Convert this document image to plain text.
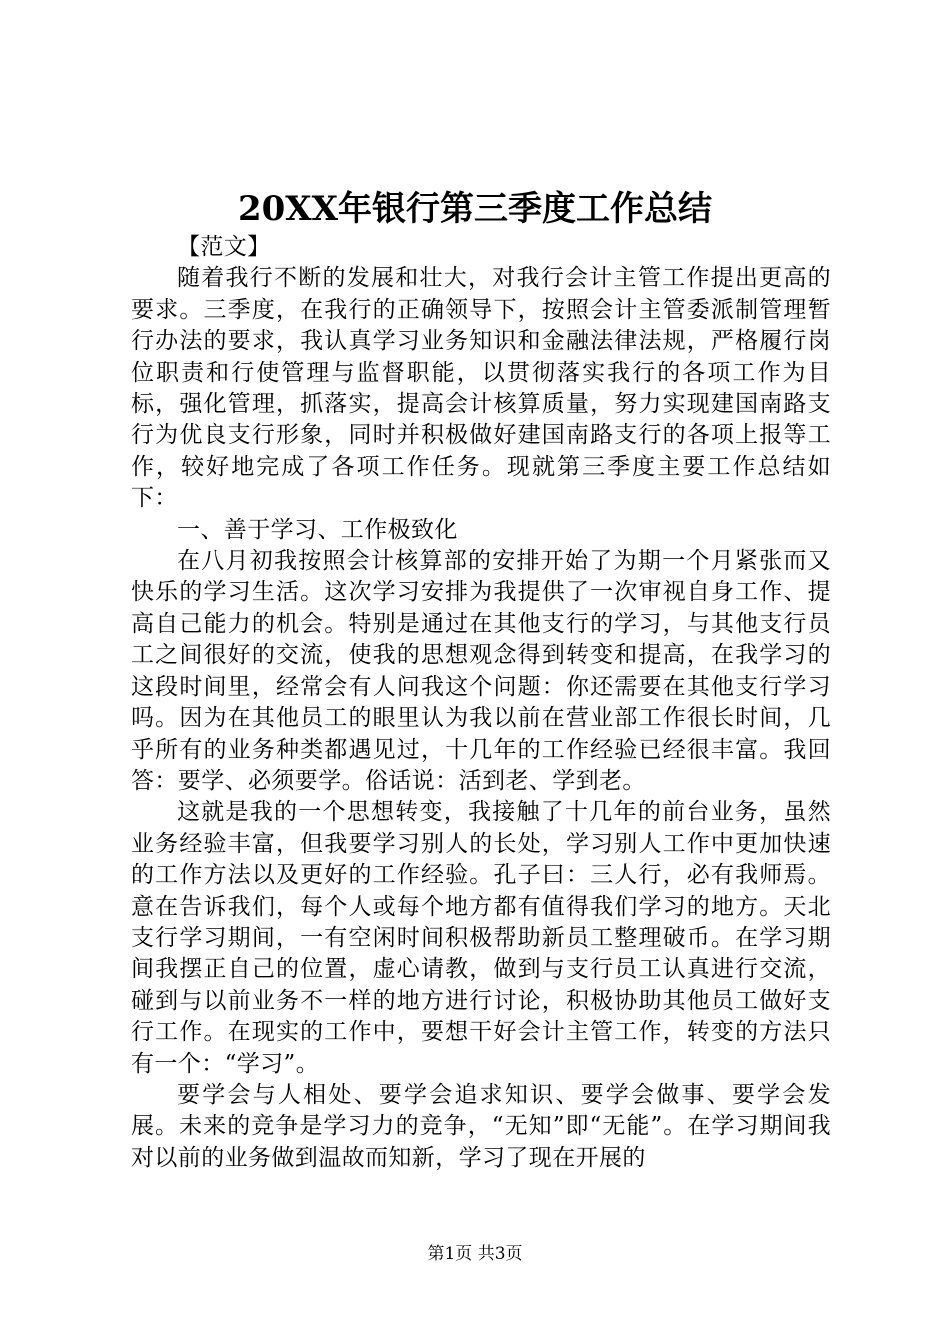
20XX年银行第三季度工作总结

【范文】

随着我行不断的发展和壮大，对我行会计主管工作提出更高的要求。三季度，在我行的正确领导下，按照会计主管委派制管理暂行办法的要求，我认真学习业务知识和金融法律法规，严格履行岗位职责和行使管理与监督职能，以贯彻落实我行的各项工作为目标，强化管理，抓落实，提高会计核算质量，努力实现建国南路支行为优良支行形象，同时并积极做好建国南路支行的各项上报等工作，较好地完成了各项工作任务。现就第三季度主要工作总结如下：

一、善于学习、工作极致化

在八月初我按照会计核算部的安排开始了为期一个月紧张而又快乐的学习生活。这次学习安排为我提供了一次审视自身工作、提高自己能力的机会。特别是通过在其他支行的学习，与其他支行员工之间很好的交流，使我的思想观念得到转变和提高，在我学习的这段时间里，经常会有人问我这个问题：你还需要在其他支行学习吗。因为在其他员工的眼里认为我以前在营业部工作很长时间，几乎所有的业务种类都遇见过，十几年的工作经验已经很丰富。我回答：要学、必须要学。俗话说：活到老、学到老。

这就是我的一个思想转变，我接触了十几年的前台业务，虽然业务经验丰富，但我要学习别人的长处，学习别人工作中更加快速的工作方法以及更好的工作经验。孔子曰：三人行，必有我师焉。意在告诉我们，每个人或每个地方都有值得我们学习的地方。天北支行学习期间，一有空闲时间积极帮助新员工整理破币。在学习期间我摆正自己的位置，虚心请教，做到与支行员工认真进行交流，碰到与以前业务不一样的地方进行讨论，积极协助其他员工做好支行工作。在现实的工作中，要想干好会计主管工作，转变的方法只有一个：“学习”。

要学会与人相处、要学会追求知识、要学会做事、要学会发展。未来的竞争是学习力的竞争，“无知”即“无能”。在学习期间我对以前的业务做到温故而知新，学习了现在开展的

第1页 共3页
